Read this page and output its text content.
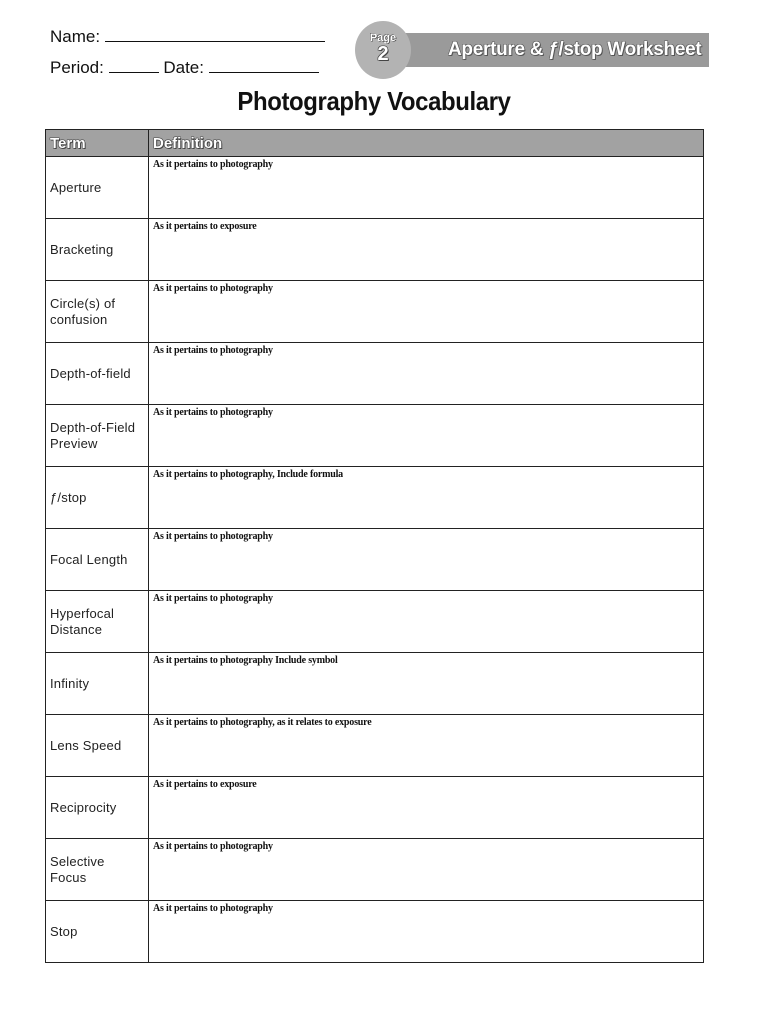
Name:
Period:	Date:
Aperture & ƒ/stop Worksheet
Page
2
Photography Vocabulary
Term	Definition
Aperture	As it pertains to photography

Bracketing	As it pertains to exposure

Circle(s) of confusion	As it pertains to photography

Depth-of-field	As it pertains to photography

Depth-of-Field Preview	As it pertains to photography

ƒ/stop	As it pertains to photography, Include formula

Focal Length	As it pertains to photography

Hyperfocal Distance	As it pertains to photography

Infinity	As it pertains to photography Include symbol

Lens Speed	As it pertains to photography, as it relates to exposure

Reciprocity	As it pertains to exposure

Selective Focus	As it pertains to photography

Stop	As it pertains to photography
